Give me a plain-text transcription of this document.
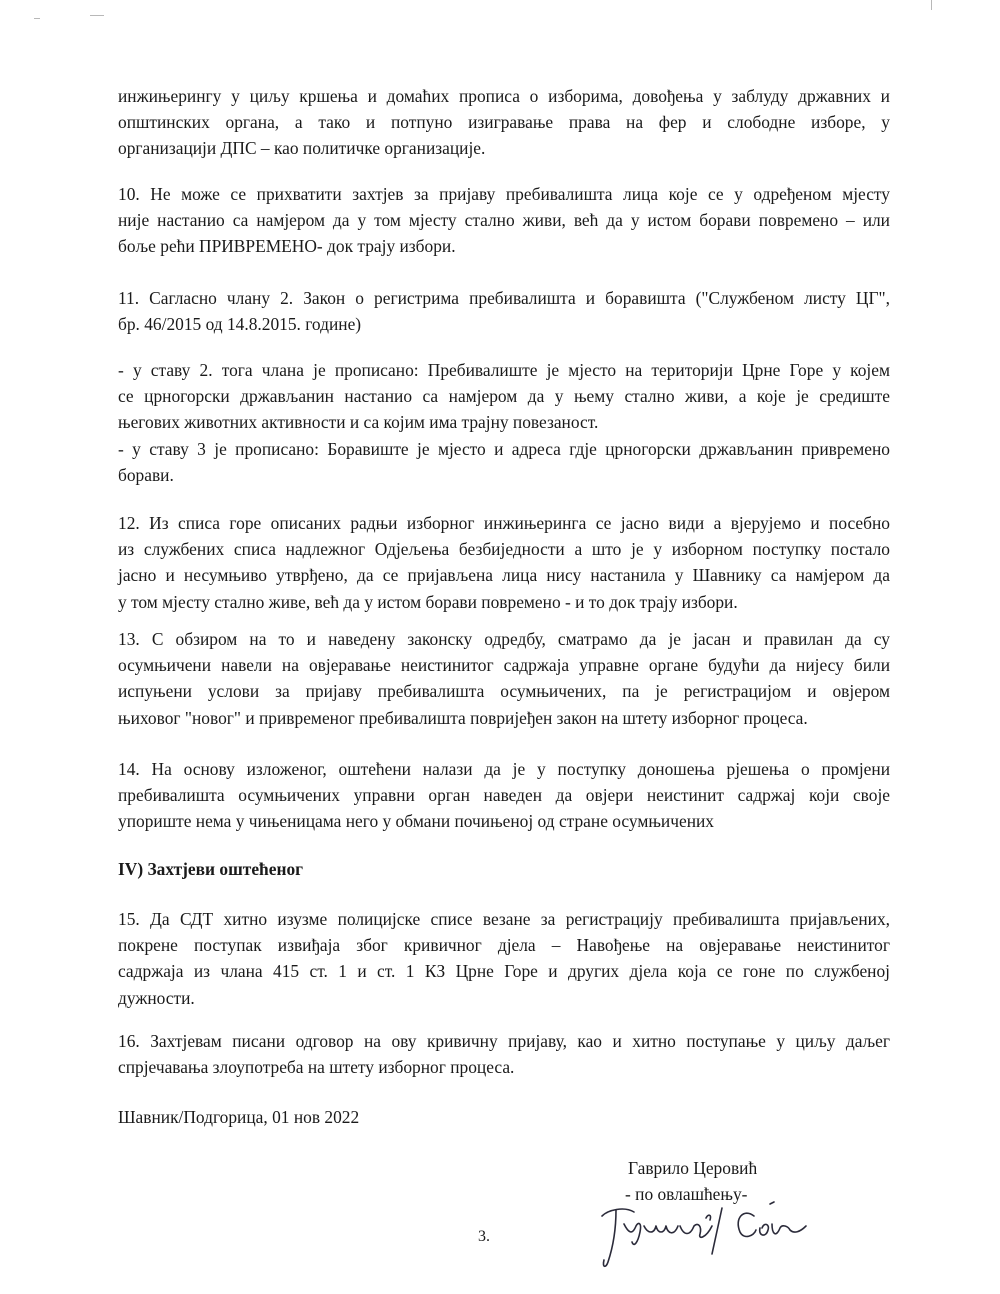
инжињерингу у циљу кршења и домаћих прописа о изборима, довођења у заблуду државних и
општинских органа, а тако и потпуно изигравање права на фер и слободне изборе, у
организацији ДПС – као политичке организације.
10. Не може се прихватити захтјев за пријаву пребивалишта лица које се у одређеном мјесту
није настанио са намјером да у том мјесту стално живи, већ да у истом борави повремено – или
боље рећи ПРИВРЕМЕНО- док трају избори.
11. Сагласно члану 2. Закон о регистрима пребивалишта и боравишта ("Службеном листу ЦГ",
бр. 46/2015 од 14.8.2015. године)
- у ставу 2. тога члана је прописано: Пребивалиште је мјесто на територији Црне Горе у којем
се црногорски држављанин настанио са намјером да у њему стално живи, а које је средиште
његових животних активности и са којим има трајну повезаност.
- у ставу 3 је прописано: Боравиште је мјесто и адреса гдје црногорски држављанин привремено
борави.
12. Из списа горе описаних радњи изборног инжињеринга се јасно види а вјерујемо и посебно
из службених списа надлежног Одјељења безбиједности а што је у изборном поступку постало
јасно и несумњиво утврђено, да се пријављена лица нису настанила у Шавнику са намјером да
у том мјесту стално живе, већ да у истом борави повремено - и то док трају избори.
13. С обзиром на то и наведену законску одредбу, сматрамо да је јасан и правилан да су
осумњичени навели на овјеравање неистинитог садржаја управне органе будући да нијесу били
испуњени услови за пријаву пребивалишта осумњичених, па је регистрацијом и овјером
њиховог "новог" и привременог пребивалишта повријеђен закон на штету изборног процеса.
14. На основу изложеног, оштећени налази да је у поступку доношења рјешења о промјени
пребивалишта осумњичених управни орган наведен да овјери неистинит садржај који своје
упориште нема у чињеницама него у обмани почињеној од стране осумњичених
IV) Захтјеви оштећеног
15. Да СДТ хитно изузме полицијске списе везане за регистрацију пребивалишта пријављених,
покрене поступак извиђаја због кривичног дјела – Навођење на овјеравање неистинитог
садржаја из члана 415 ст. 1 и ст. 1 КЗ Црне Горе и других дјела која се гоне по службеној
дужности.
16. Захтјевам писани одговор на ову кривичну пријаву, као и хитно поступање у циљу даљег
спрјечавања злоупотреба на штету изборног процеса.
Шавник/Подгорица, 01 нов 2022
Гаврило Церовић
- по овлашћењу-
3.
